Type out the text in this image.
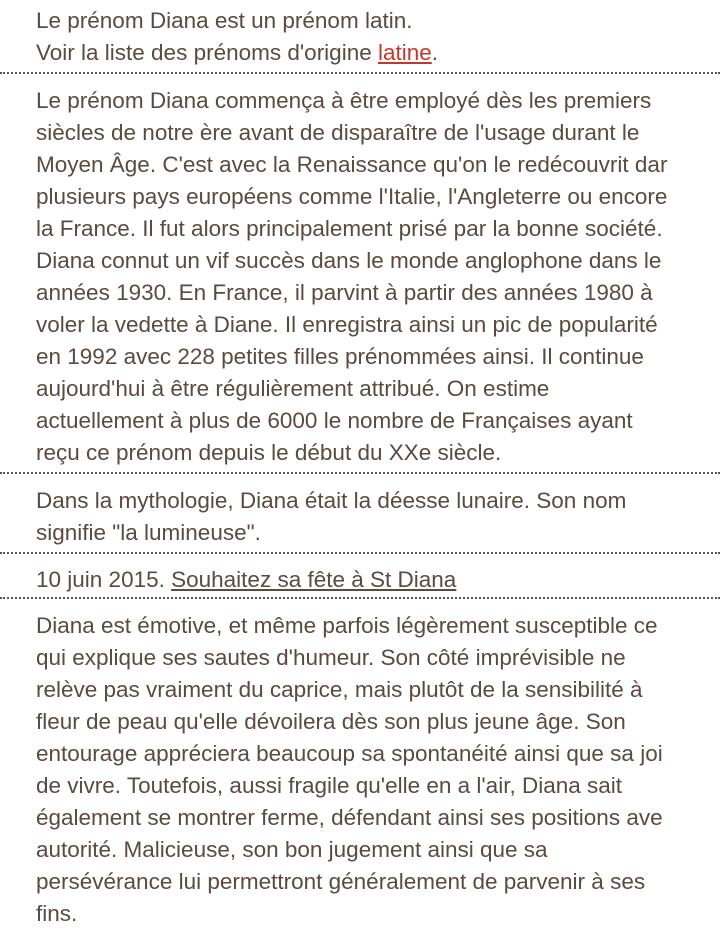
Le prénom Diana est un prénom latin.
Voir la liste des prénoms d'origine latine.
Le prénom Diana commença à être employé dès les premiers
siècles de notre ère avant de disparaître de l'usage durant le
Moyen Âge. C'est avec la Renaissance qu'on le redécouvrit dar
plusieurs pays européens comme l'Italie, l'Angleterre ou encore
la France. Il fut alors principalement prisé par la bonne société.
Diana connut un vif succès dans le monde anglophone dans le
années 1930. En France, il parvint à partir des années 1980 à
voler la vedette à Diane. Il enregistra ainsi un pic de popularité
en 1992 avec 228 petites filles prénommées ainsi. Il continue
aujourd'hui à être régulièrement attribué. On estime
actuellement à plus de 6000 le nombre de Françaises ayant
reçu ce prénom depuis le début du XXe siècle.
Dans la mythologie, Diana était la déesse lunaire. Son nom
signifie "la lumineuse".
10 juin 2015. Souhaitez sa fête à St Diana
Diana est émotive, et même parfois légèrement susceptible ce
qui explique ses sautes d'humeur. Son côté imprévisible ne
relève pas vraiment du caprice, mais plutôt de la sensibilité à
fleur de peau qu'elle dévoilera dès son plus jeune âge. Son
entourage appréciera beaucoup sa spontanéité ainsi que sa joi
de vivre. Toutefois, aussi fragile qu'elle en a l'air, Diana sait
également se montrer ferme, défendant ainsi ses positions ave
autorité. Malicieuse, son bon jugement ainsi que sa
persévérance lui permettront généralement de parvenir à ses
fins.
